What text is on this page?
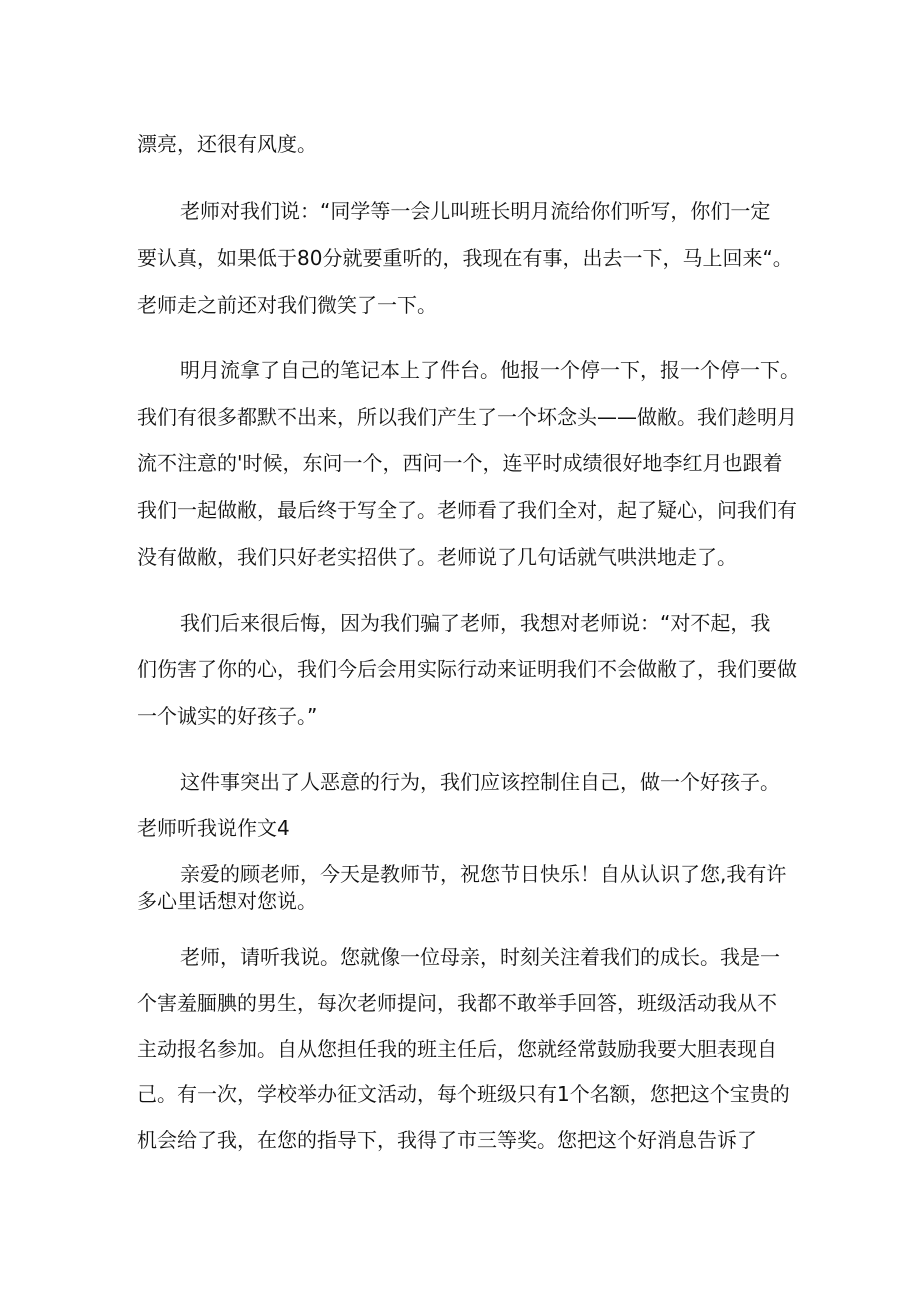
漂亮，还很有风度。
老师对我们说：“同学等一会儿叫班长明月流给你们听写，你们一定
要认真，如果低于80分就要重听的，我现在有事，出去一下，马上回来“。
老师走之前还对我们微笑了一下。
明月流拿了自己的笔记本上了件台。他报一个停一下，报一个停一下。
我们有很多都默不出来，所以我们产生了一个坏念头——做敝。我们趁明月
流不注意的'时候，东问一个，西问一个，连平时成绩很好地李红月也跟着
我们一起做敝，最后终于写全了。老师看了我们全对，起了疑心，问我们有
没有做敝，我们只好老实招供了。老师说了几句话就气哄洪地走了。
我们后来很后悔，因为我们骗了老师，我想对老师说：“对不起，我
们伤害了你的心，我们今后会用实际行动来证明我们不会做敝了，我们要做
一个诚实的好孩子。”
这件事突出了人恶意的行为，我们应该控制住自己，做一个好孩子。
老师听我说作文4
亲爱的顾老师，今天是教师节，祝您节日快乐！自从认识了您,我有许
多心里话想对您说。
老师，请听我说。您就像一位母亲，时刻关注着我们的成长。我是一
个害羞腼腆的男生，每次老师提问，我都不敢举手回答，班级活动我从不
主动报名参加。自从您担任我的班主任后，您就经常鼓励我要大胆表现自
己。有一次，学校举办征文活动，每个班级只有1个名额，您把这个宝贵的
机会给了我，在您的指导下，我得了市三等奖。您把这个好消息告诉了
